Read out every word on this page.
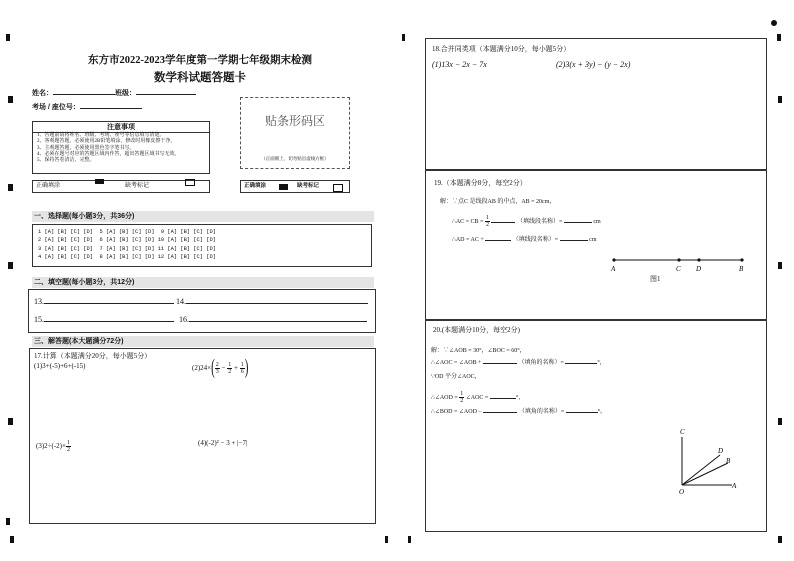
东方市2022-2023学年度第一学期七年级期末检测
数学科试题答题卡
姓名：	班级：
考场 / 座位号：
注意事项
1、答题前请将姓名、班级、考场、座号等信息填写清楚。
2、客观题答题，必须使用2B铅笔填涂，修改时用橡皮擦干净。
3、主观题答题，必须使用黑色签字笔书写。
4、必须在题号对应的答题区域内作答，超出答题区域书写无效。
5、保持答卷清洁、完整。
正确填涂	缺考标记
贴条形码区
（正面朝上，切勿贴出虚线方框）
正确填涂	缺考标记
一、选择题(每小题3分，共36分)
1 [A] [B] [C] [D]  5 [A] [B] [C] [D]  9 [A] [B] [C] [D]
2 [A] [B] [C] [D]  6 [A] [B] [C] [D] 10 [A] [B] [C] [D]
3 [A] [B] [C] [D]  7 [A] [B] [C] [D] 11 [A] [B] [C] [D]
4 [A] [B] [C] [D]  8 [A] [B] [C] [D] 12 [A] [B] [C] [D]
二、填空题(每小题3分，共12分)
13.	14.
15.	16.
三、解答题(本大题满分72分)
17.计算（本题满分20分，每小题5分）
(1)3+(-5)+6+(-15)	$(2)24\times( \frac{2}{3} - \frac{1}{2} + \frac{1}{6}$ )
$(3)2\div(-2)\times \frac{1}{2}$	(4)(-2)² − 3 + |−7|
18.合并同类项（本题满分10分，每小题5分）
(1)13x − 2x − 7x	(2)3(x + 3y) − (y − 2x)
19.（本题满分8分，每空2分）
解：∵点C 是线段AB 的中点，AB = 20cm，
∴AC = CB = $\frac{1}{2}$	（填线段名称）=	cm
∴AD = AC +	（填线段名称）=	cm
A	C D	B
图1
20.(本题满分10分，每空2分)
解：∵∠AOB = 30°，∠BOC = 60°，
∴∠AOC = ∠AOB +	（填角的名称）=	°，
∵OD 平分∠AOC，
∴∠AOD = $\frac{1}{2}$ ∠AOC =	°，
∴∠BOD = ∠AOD −	（填角的名称）=	°。
C
D
B
O
A
